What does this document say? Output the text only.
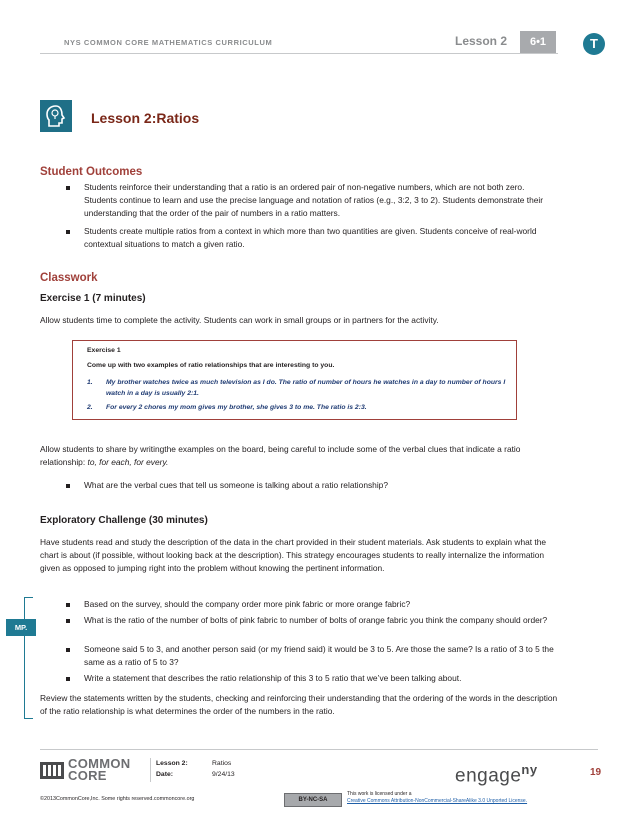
NYS COMMON CORE MATHEMATICS CURRICULUM	Lesson 2	6•1	T
Lesson 2:Ratios
Student Outcomes
Students reinforce their understanding that a ratio is an ordered pair of non-negative numbers, which are not both zero. Students continue to learn and use the precise language and notation of ratios (e.g., 3:2, 3 to 2). Students demonstrate their understanding that the order of the pair of numbers in a ratio matters.
Students create multiple ratios from a context in which more than two quantities are given. Students conceive of real-world contextual situations to match a given ratio.
Classwork
Exercise 1 (7 minutes)
Allow students time to complete the activity. Students can work in small groups or in partners for the activity.
Exercise 1
Come up with two examples of ratio relationships that are interesting to you.
1. My brother watches twice as much television as I do. The ratio of number of hours he watches in a day to number of hours I watch in a day is usually 2:1.
2. For every 2 chores my mom gives my brother, she gives 3 to me. The ratio is 2:3.
Allow students to share by writingthe examples on the board, being careful to include some of the verbal clues that indicate a ratio relationship: to, for each, for every.
What are the verbal cues that tell us someone is talking about a ratio relationship?
Exploratory Challenge (30 minutes)
Have students read and study the description of the data in the chart provided in their student materials. Ask students to explain what the chart is about (if possible, without looking back at the description). This strategy encourages students to really internalize the information given as opposed to jumping right into the problem without knowing the pertinent information.
Based on the survey, should the company order more pink fabric or more orange fabric?
What is the ratio of the number of bolts of pink fabric to number of bolts of orange fabric you think the company should order?
Someone said 5 to 3, and another person said (or my friend said) it would be 3 to 5. Are those the same? Is a ratio of 3 to 5 the same as a ratio of 5 to 3?
Write a statement that describes the ratio relationship of this 3 to 5 ratio that we’ve been talking about.
MP.
Review the statements written by the students, checking and reinforcing their understanding that the ordering of the words in the description of the ratio relationship is what determines the order of the numbers in the ratio.
COMMON
CORE
Lesson 2:	Ratios
Date:	9/24/13	engage$^{ny}$	19
©2013CommonCore,Inc. Some rights reserved.commoncore.org	BY-NC-SA
This work is licensed under a
Creative Commons Attribution-NonCommercial-ShareAlike 3.0 Unported License.
